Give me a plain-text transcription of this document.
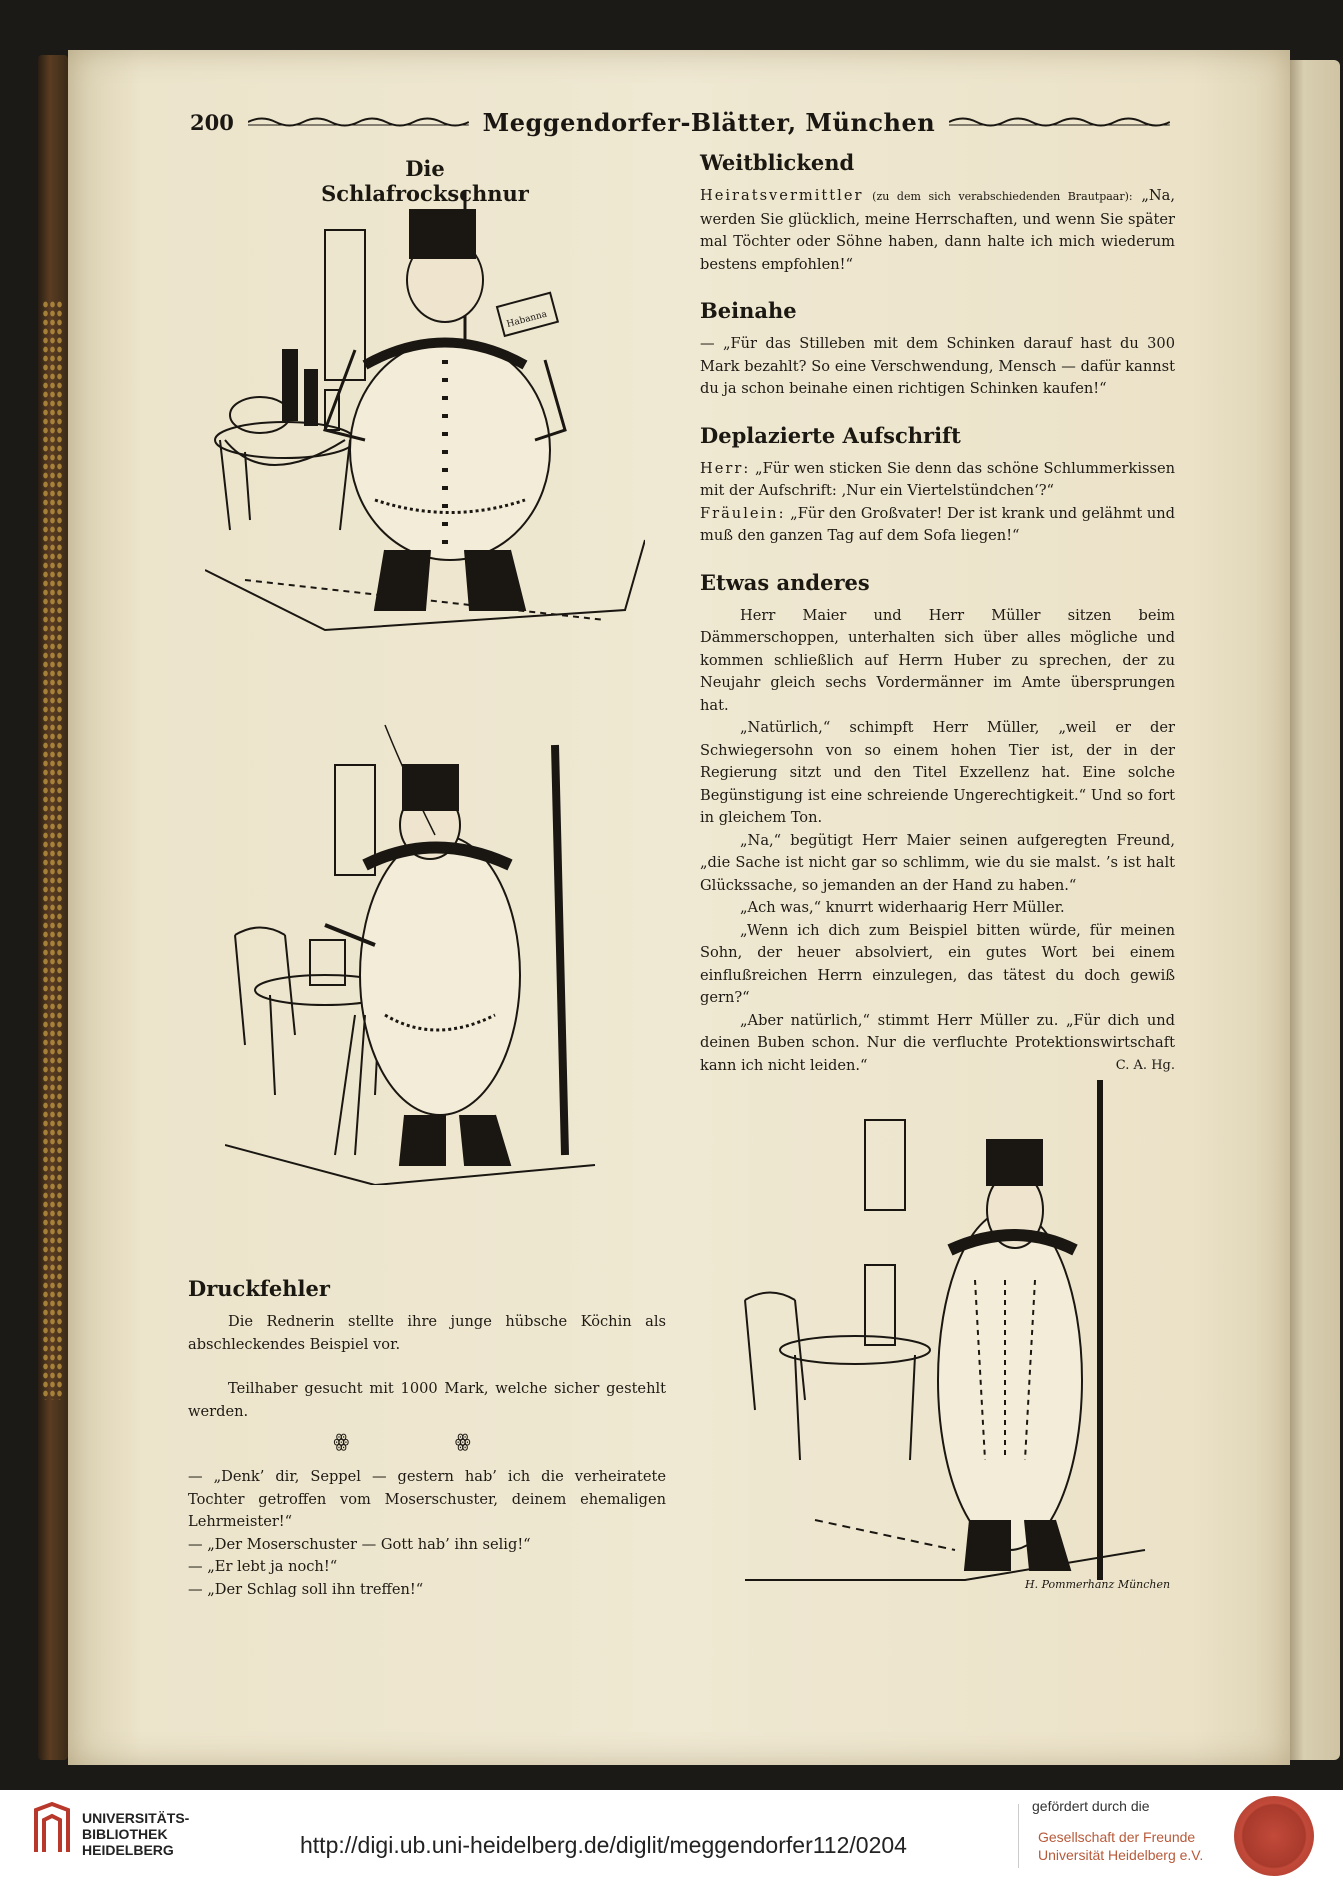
200	Meggendorfer-Blätter, München
Die Schlafrockschnur
Habanna
H. Pommerhanz München
Weitblickend

Heiratsvermittler (zu dem sich verabschiedenden Brautpaar): „Na, werden Sie glücklich, meine Herrschaften, und wenn Sie später mal Töchter oder Söhne haben, dann halte ich mich wiederum bestens empfohlen!“

Beinahe

— „Für das Stilleben mit dem Schinken darauf hast du 300 Mark bezahlt? So eine Verschwendung, Mensch — dafür kannst du ja schon beinahe einen richtigen Schinken kaufen!“

Deplazierte Aufschrift

Herr: „Für wen sticken Sie denn das schöne Schlummerkissen mit der Aufschrift: ‚Nur ein Viertelstündchen‘?“
Fräulein: „Für den Großvater! Der ist krank und gelähmt und muß den ganzen Tag auf dem Sofa liegen!“

Etwas anderes

Herr Maier und Herr Müller sitzen beim Dämmerschoppen, unterhalten sich über alles mögliche und kommen schließlich auf Herrn Huber zu sprechen, der zu Neujahr gleich sechs Vordermänner im Amte übersprungen hat.

„Natürlich,“ schimpft Herr Müller, „weil er der Schwiegersohn von so einem hohen Tier ist, der in der Regierung sitzt und den Titel Exzellenz hat. Eine solche Begünstigung ist eine schreiende Ungerechtigkeit.“ Und so fort in gleichem Ton.

„Na,“ begütigt Herr Maier seinen aufgeregten Freund, „die Sache ist nicht gar so schlimm, wie du sie malst. ’s ist halt Glückssache, so jemanden an der Hand zu haben.“

„Ach was,“ knurrt widerhaarig Herr Müller.

„Wenn ich dich zum Beispiel bitten würde, für meinen Sohn, der heuer absolviert, ein gutes Wort bei einem einflußreichen Herrn einzulegen, das tätest du doch gewiß gern?“

„Aber natürlich,“ stimmt Herr Müller zu. „Für dich und deinen Buben schon. Nur die verfluchte Protektionswirtschaft kann ich nicht leiden.“	C. A. Hg.

Druckfehler

Die Rednerin stellte ihre junge hübsche Köchin als abschleckendes Beispiel vor.

Teilhaber gesucht mit 1000 Mark, welche sicher gestehlt werden.

ꙮ ꙮ

— „Denk’ dir, Seppel — gestern hab’ ich die verheiratete Tochter getroffen vom Moserschuster, deinem ehemaligen Lehrmeister!“

— „Der Moserschuster — Gott hab’ ihn selig!“

— „Er lebt ja noch!“

— „Der Schlag soll ihn treffen!“

UNIVERSITÄTS-
BIBLIOTHEK
HEIDELBERG	http://digi.ub.uni-heidelberg.de/diglit/meggendorfer112/0204
gefördert durch die
Gesellschaft der Freunde
Universität Heidelberg e.V.
